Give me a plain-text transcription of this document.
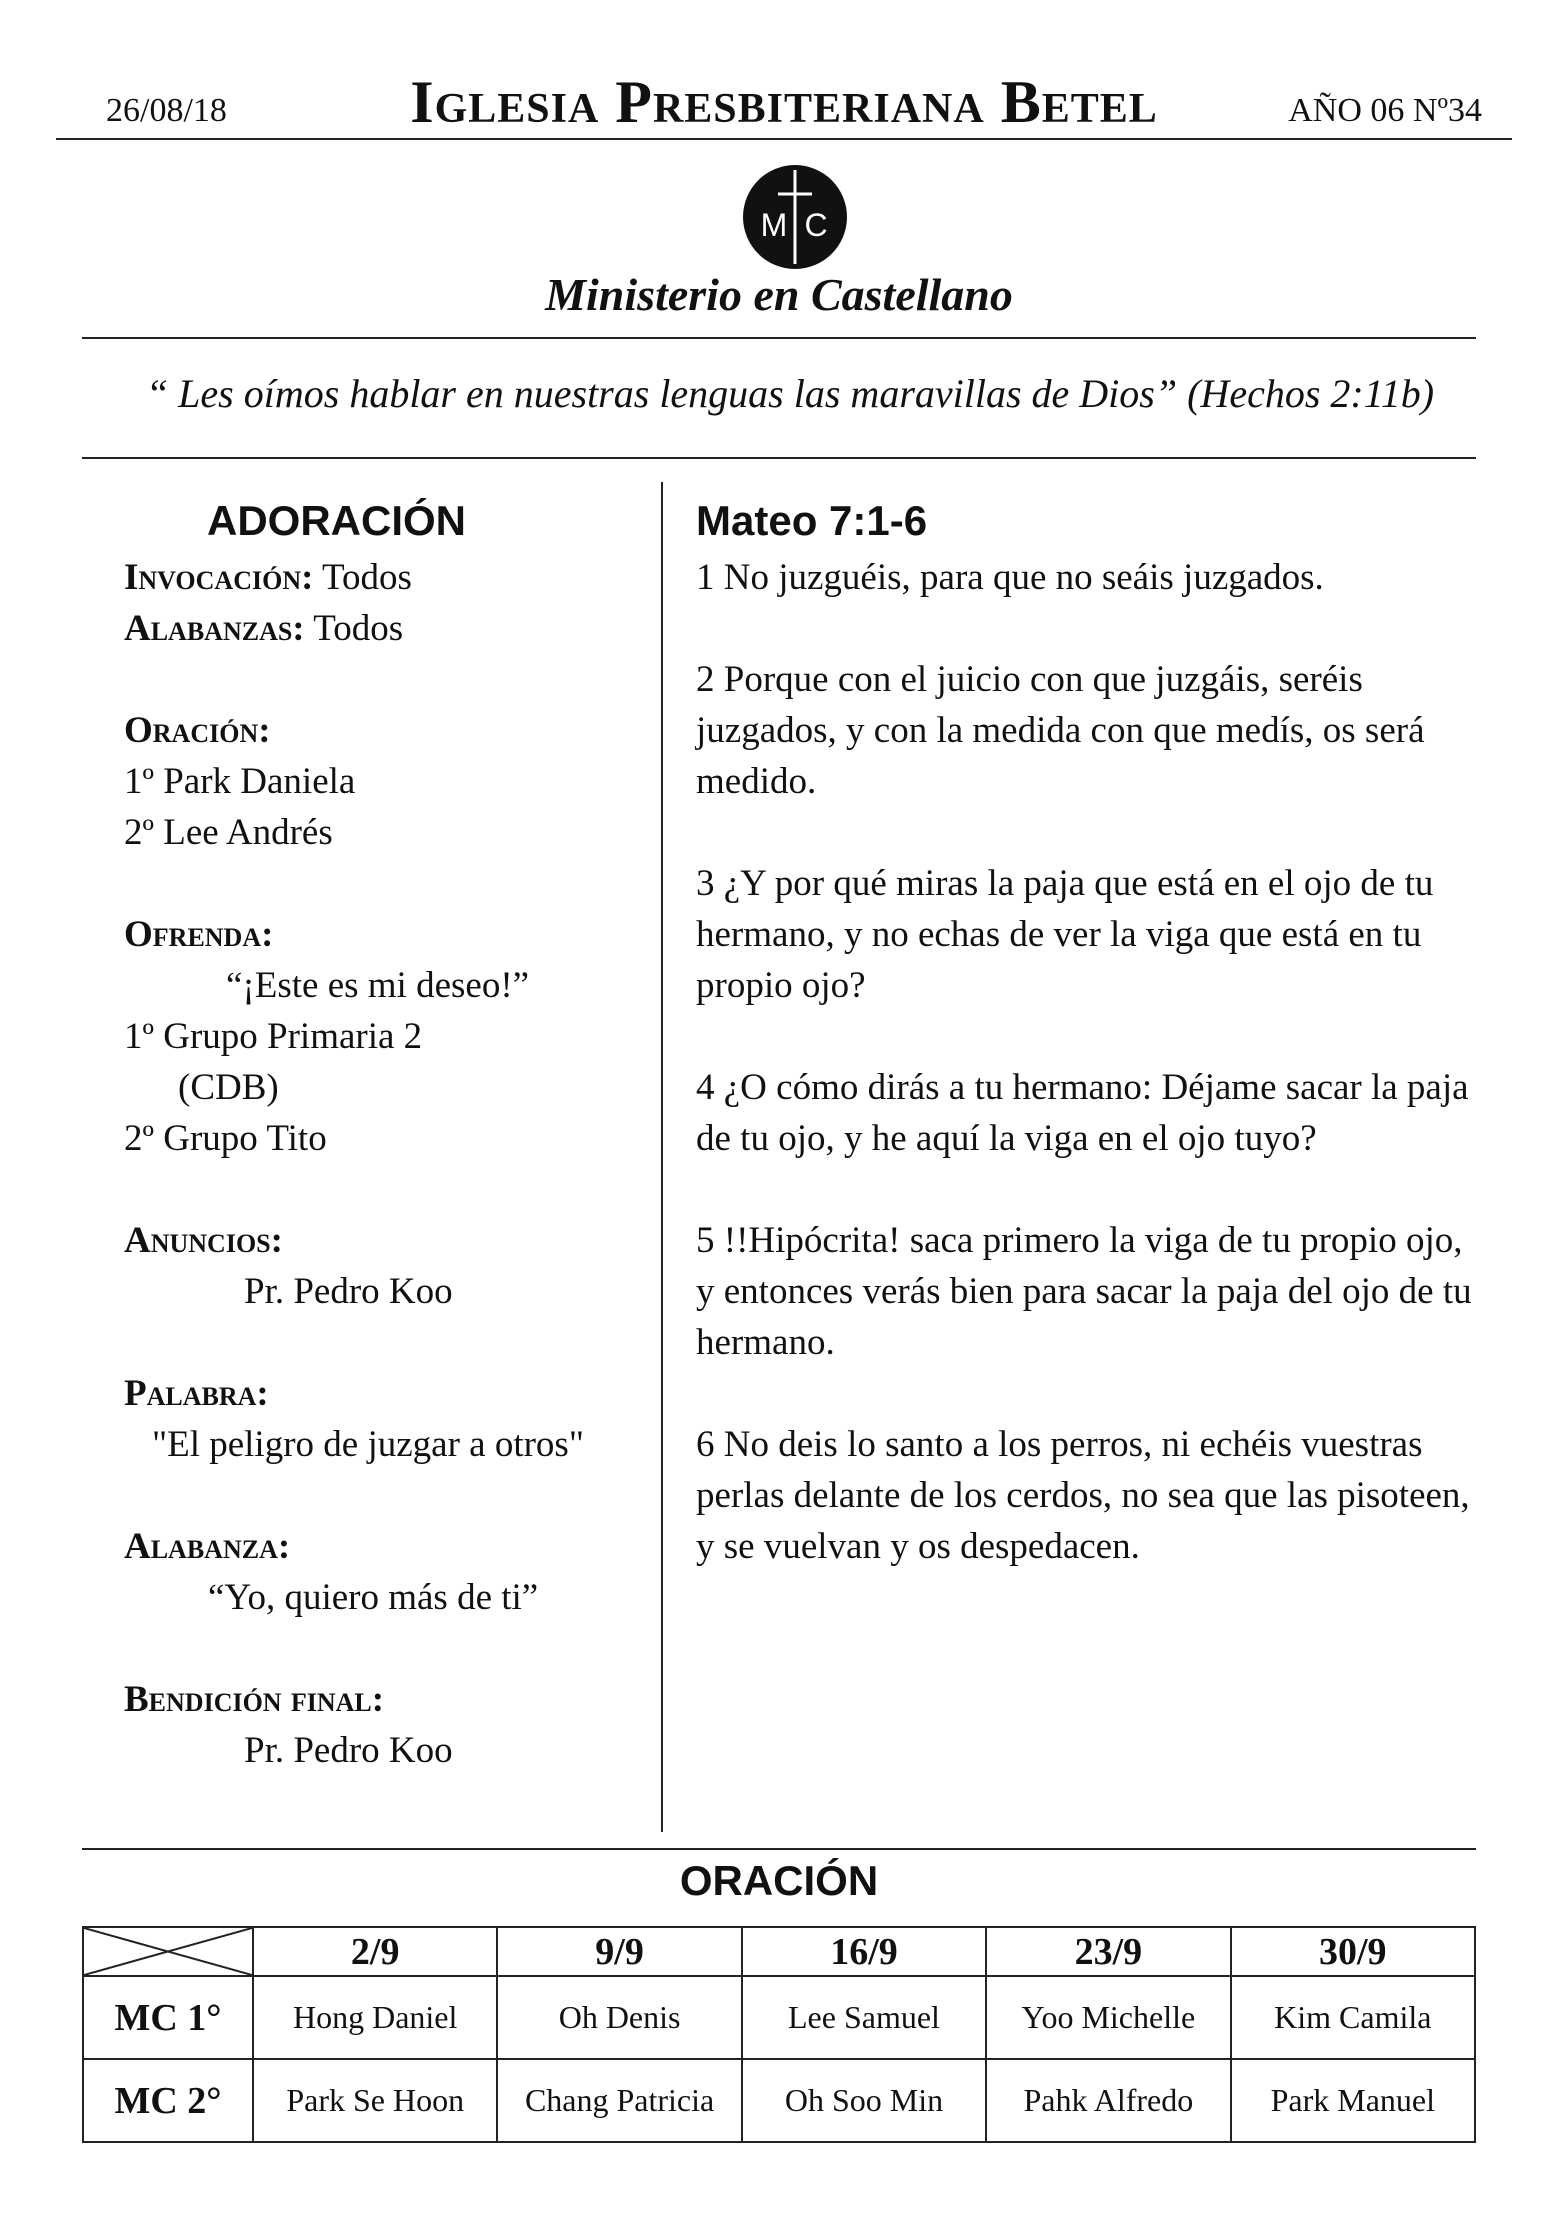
26/08/18	Iglesia Presbiteriana Betel	AÑO 06 Nº34
M C
Ministerio en Castellano
“ Les oímos hablar en nuestras lenguas las maravillas de Dios” (Hechos 2:11b)
ADORACIÓN
Invocación: Todos
Alabanzas: Todos
Oración:
1º Park Daniela
2º Lee Andrés
Ofrenda:
“¡Este es mi deseo!”
1º Grupo Primaria 2
(CDB)
2º Grupo Tito
Anuncios:
Pr. Pedro Koo
Palabra:
"El peligro de juzgar a otros"
Alabanza:
“Yo, quiero más de ti”
Bendición final:
Pr. Pedro Koo
Mateo 7:1-6

1 No juzguéis, para que no seáis juzgados.

2 Porque con el juicio con que juzgáis, seréis juzgados, y con la medida con que medís, os será medido.

3 ¿Y por qué miras la paja que está en el ojo de tu hermano, y no echas de ver la viga que está en tu propio ojo?

4 ¿O cómo dirás a tu hermano: Déjame sacar la paja de tu ojo, y he aquí la viga en el ojo tuyo?

5 !!Hipócrita! saca primero la viga de tu propio ojo, y entonces verás bien para sacar la paja del ojo de tu hermano.

6 No deis lo santo a los perros, ni echéis vuestras perlas delante de los cerdos, no sea que las pisoteen, y se vuelvan y os despedacen.

ORACIÓN
	2/9	9/9	16/9	23/9	30/9
MC 1°	Hong Daniel	Oh Denis	Lee Samuel	Yoo Michelle	Kim Camila
MC 2°	Park Se Hoon	Chang Patricia	Oh Soo Min	Pahk Alfredo	Park Manuel
